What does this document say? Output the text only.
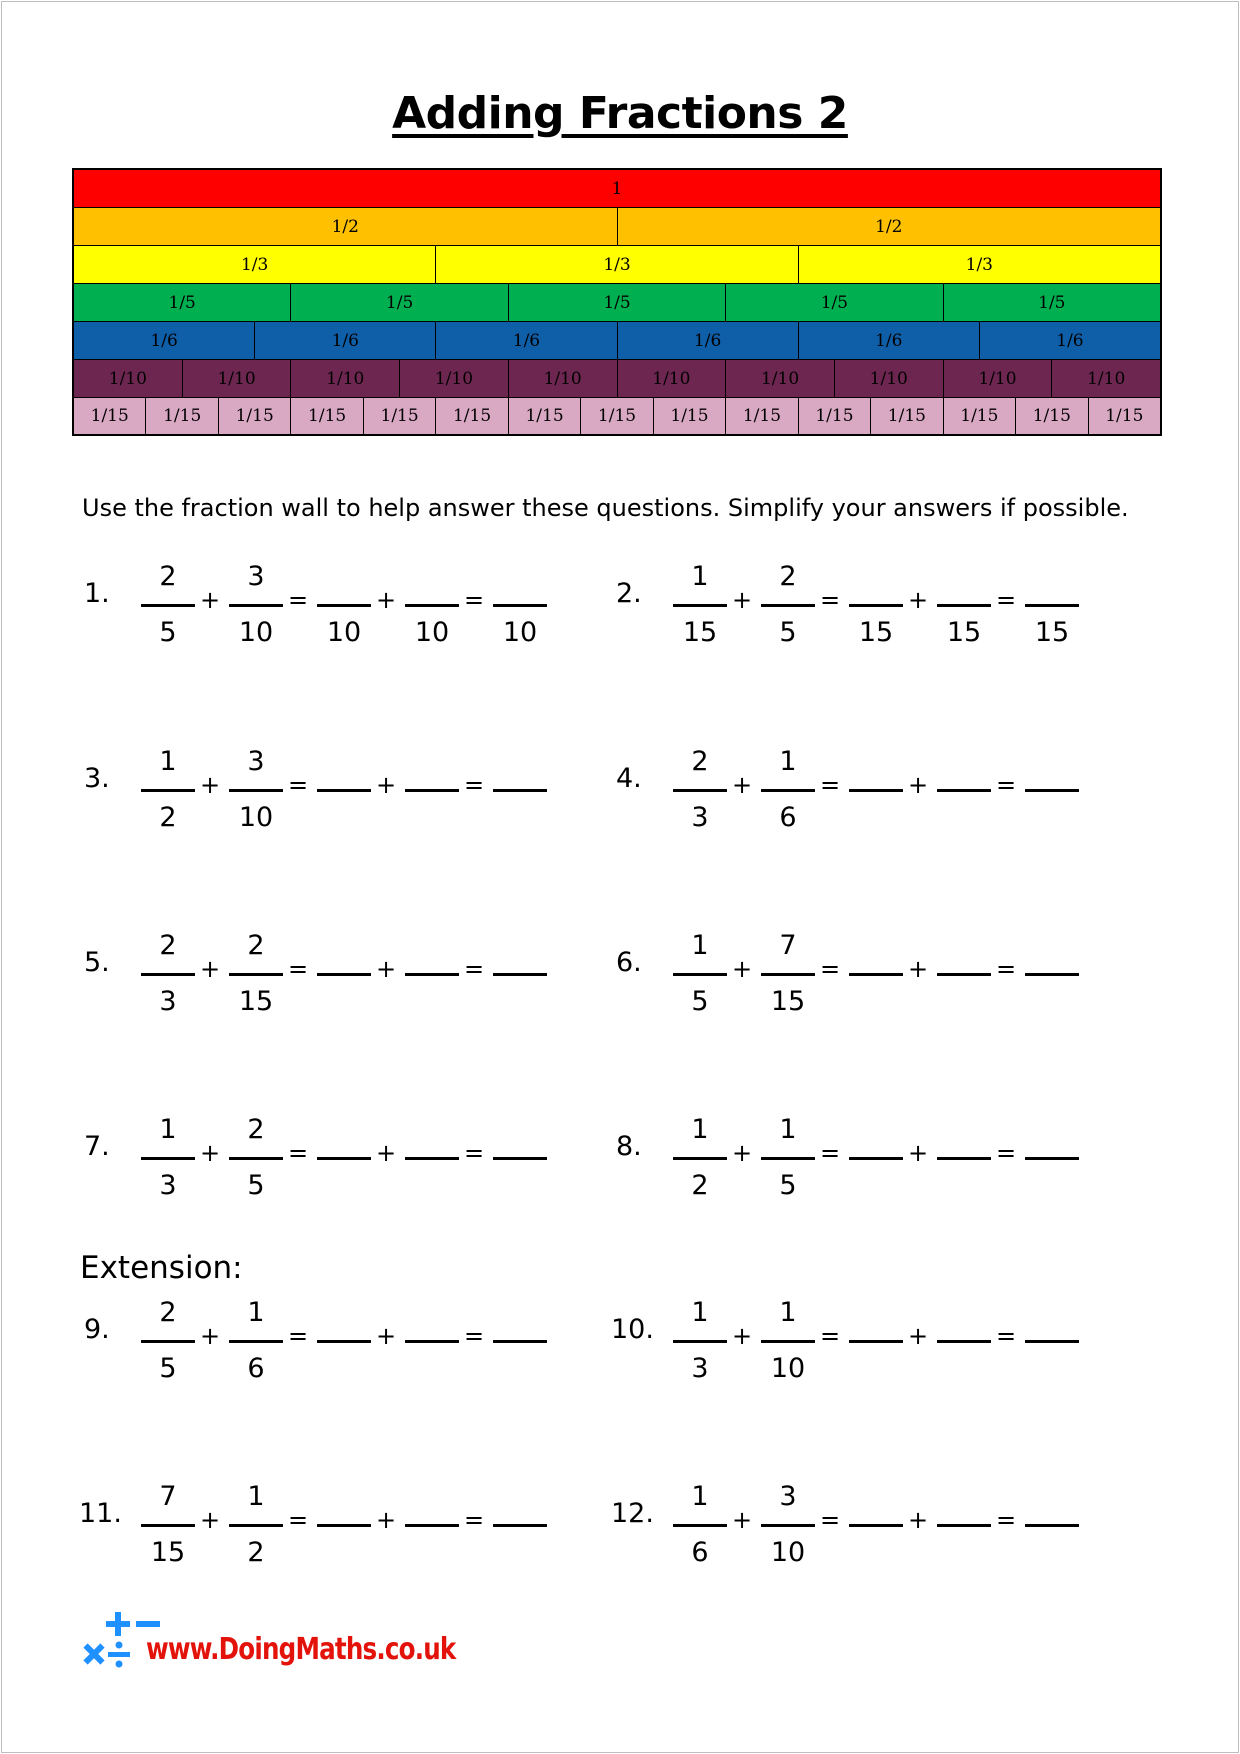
Adding Fractions 2
1
1/2	1/2
1/3	1/3	1/3
1/5	1/5	1/5	1/5	1/5
1/6	1/6	1/6	1/6	1/6	1/6
1/10	1/10	1/10	1/10	1/10	1/10	1/10	1/10	1/10	1/10
1/15	1/15	1/15	1/15	1/15	1/15	1/15	1/15	1/15	1/15	1/15	1/15	1/15	1/15	1/15
Use the fraction wall to help answer these questions. Simplify your answers if possible.
Extension:
1.
2
5
+
3
10
=
10
+
10
=
10
2.
1
15
+
2
5
=
15
+
15
=
15
3.
1
2
+
3
10
=	+	=	4.
2
3
+
1
6
=	+	=
5.
2
3
+
2
15
=	+	=	6.
1
5
+
7
15
=	+	=
7.
1
3
+
2
5
=	+	=	8.
1
2
+
1
5
=	+	=
9.
2
5
+
1
6
=	+	=	10.
1
3
+
1
10
=	+	=
11.
7
15
+
1
2
=	+	=	12.
1
6
+
3
10
=	+	=
www.DoingMaths.co.uk
